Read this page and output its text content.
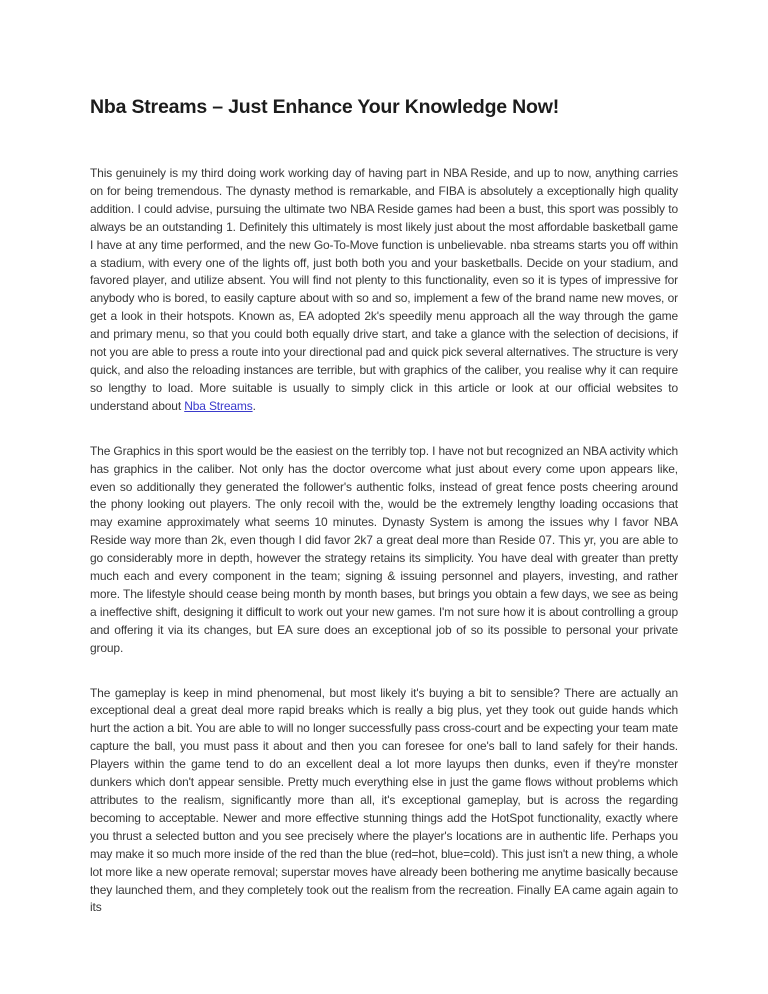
Nba Streams – Just Enhance Your Knowledge Now!

This genuinely is my third doing work working day of having part in NBA Reside, and up to now, anything carries on for being tremendous. The dynasty method is remarkable, and FIBA is absolutely a exceptionally high quality addition. I could advise, pursuing the ultimate two NBA Reside games had been a bust, this sport was possibly to always be an outstanding 1. Definitely this ultimately is most likely just about the most affordable basketball game I have at any time performed, and the new Go-To-Move function is unbelievable. nba streams starts you off within a stadium, with every one of the lights off, just both both you and your basketballs. Decide on your stadium, and favored player, and utilize absent. You will find not plenty to this functionality, even so it is types of impressive for anybody who is bored, to easily capture about with so and so, implement a few of the brand name new moves, or get a look in their hotspots. Known as, EA adopted 2k's speedily menu approach all the way through the game and primary menu, so that you could both equally drive start, and take a glance with the selection of decisions, if not you are able to press a route into your directional pad and quick pick several alternatives. The structure is very quick, and also the reloading instances are terrible, but with graphics of the caliber, you realise why it can require so lengthy to load. More suitable is usually to simply click in this article or look at our official websites to understand about Nba Streams.

The Graphics in this sport would be the easiest on the terribly top. I have not but recognized an NBA activity which has graphics in the caliber. Not only has the doctor overcome what just about every come upon appears like, even so additionally they generated the follower's authentic folks, instead of great fence posts cheering around the phony looking out players. The only recoil with the, would be the extremely lengthy loading occasions that may examine approximately what seems 10 minutes. Dynasty System is among the issues why I favor NBA Reside way more than 2k, even though I did favor 2k7 a great deal more than Reside 07. This yr, you are able to go considerably more in depth, however the strategy retains its simplicity. You have deal with greater than pretty much each and every component in the team; signing & issuing personnel and players, investing, and rather more. The lifestyle should cease being month by month bases, but brings you obtain a few days, we see as being a ineffective shift, designing it difficult to work out your new games. I'm not sure how it is about controlling a group and offering it via its changes, but EA sure does an exceptional job of so its possible to personal your private group.

The gameplay is keep in mind phenomenal, but most likely it's buying a bit to sensible? There are actually an exceptional deal a great deal more rapid breaks which is really a big plus, yet they took out guide hands which hurt the action a bit. You are able to will no longer successfully pass cross-court and be expecting your team mate capture the ball, you must pass it about and then you can foresee for one's ball to land safely for their hands. Players within the game tend to do an excellent deal a lot more layups then dunks, even if they're monster dunkers which don't appear sensible. Pretty much everything else in just the game flows without problems which attributes to the realism, significantly more than all, it's exceptional gameplay, but is across the regarding becoming to acceptable. Newer and more effective stunning things add the HotSpot functionality, exactly where you thrust a selected button and you see precisely where the player's locations are in authentic life. Perhaps you may make it so much more inside of the red than the blue (red=hot, blue=cold). This just isn't a new thing, a whole lot more like a new operate removal; superstar moves have already been bothering me anytime basically because they launched them, and they completely took out the realism from the recreation. Finally EA came again again to its
